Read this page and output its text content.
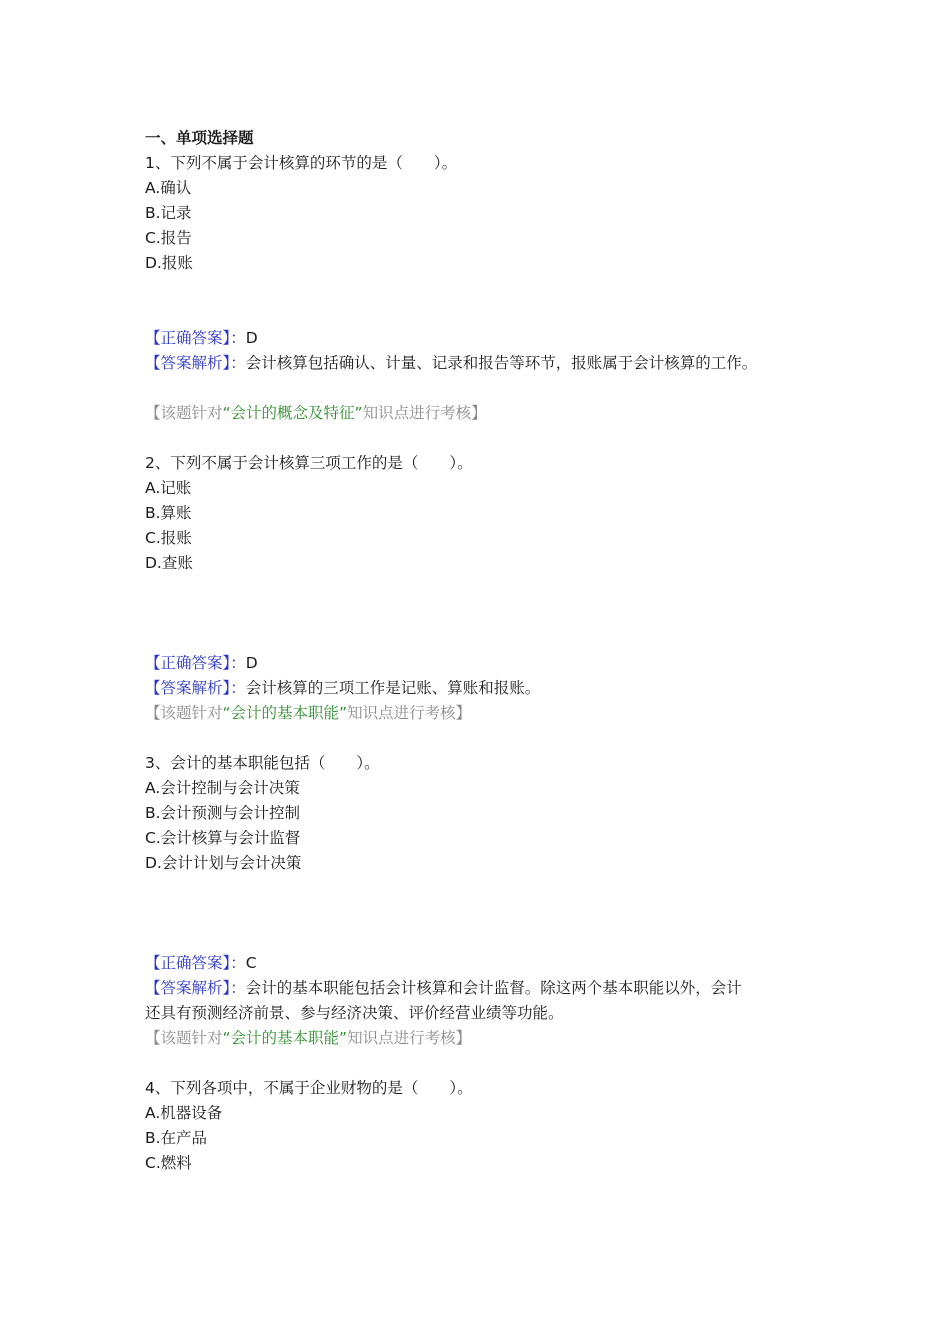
一、单项选择题
1、下列不属于会计核算的环节的是（　　）。
A.确认
B.记录
C.报告
D.报账
【正确答案】：D
【答案解析】：会计核算包括确认、计量、记录和报告等环节，报账属于会计核算的工作。
【该题针对“会计的概念及特征”知识点进行考核】
2、下列不属于会计核算三项工作的是（　　）。
A.记账
B.算账
C.报账
D.查账
【正确答案】：D
【答案解析】：会计核算的三项工作是记账、算账和报账。
【该题针对“会计的基本职能”知识点进行考核】
3、会计的基本职能包括（　　）。
A.会计控制与会计决策
B.会计预测与会计控制
C.会计核算与会计监督
D.会计计划与会计决策
【正确答案】：C
【答案解析】：会计的基本职能包括会计核算和会计监督。除这两个基本职能以外，会计
还具有预测经济前景、参与经济决策、评价经营业绩等功能。
【该题针对“会计的基本职能”知识点进行考核】
4、下列各项中，不属于企业财物的是（　　）。
A.机器设备
B.在产品
C.燃料
